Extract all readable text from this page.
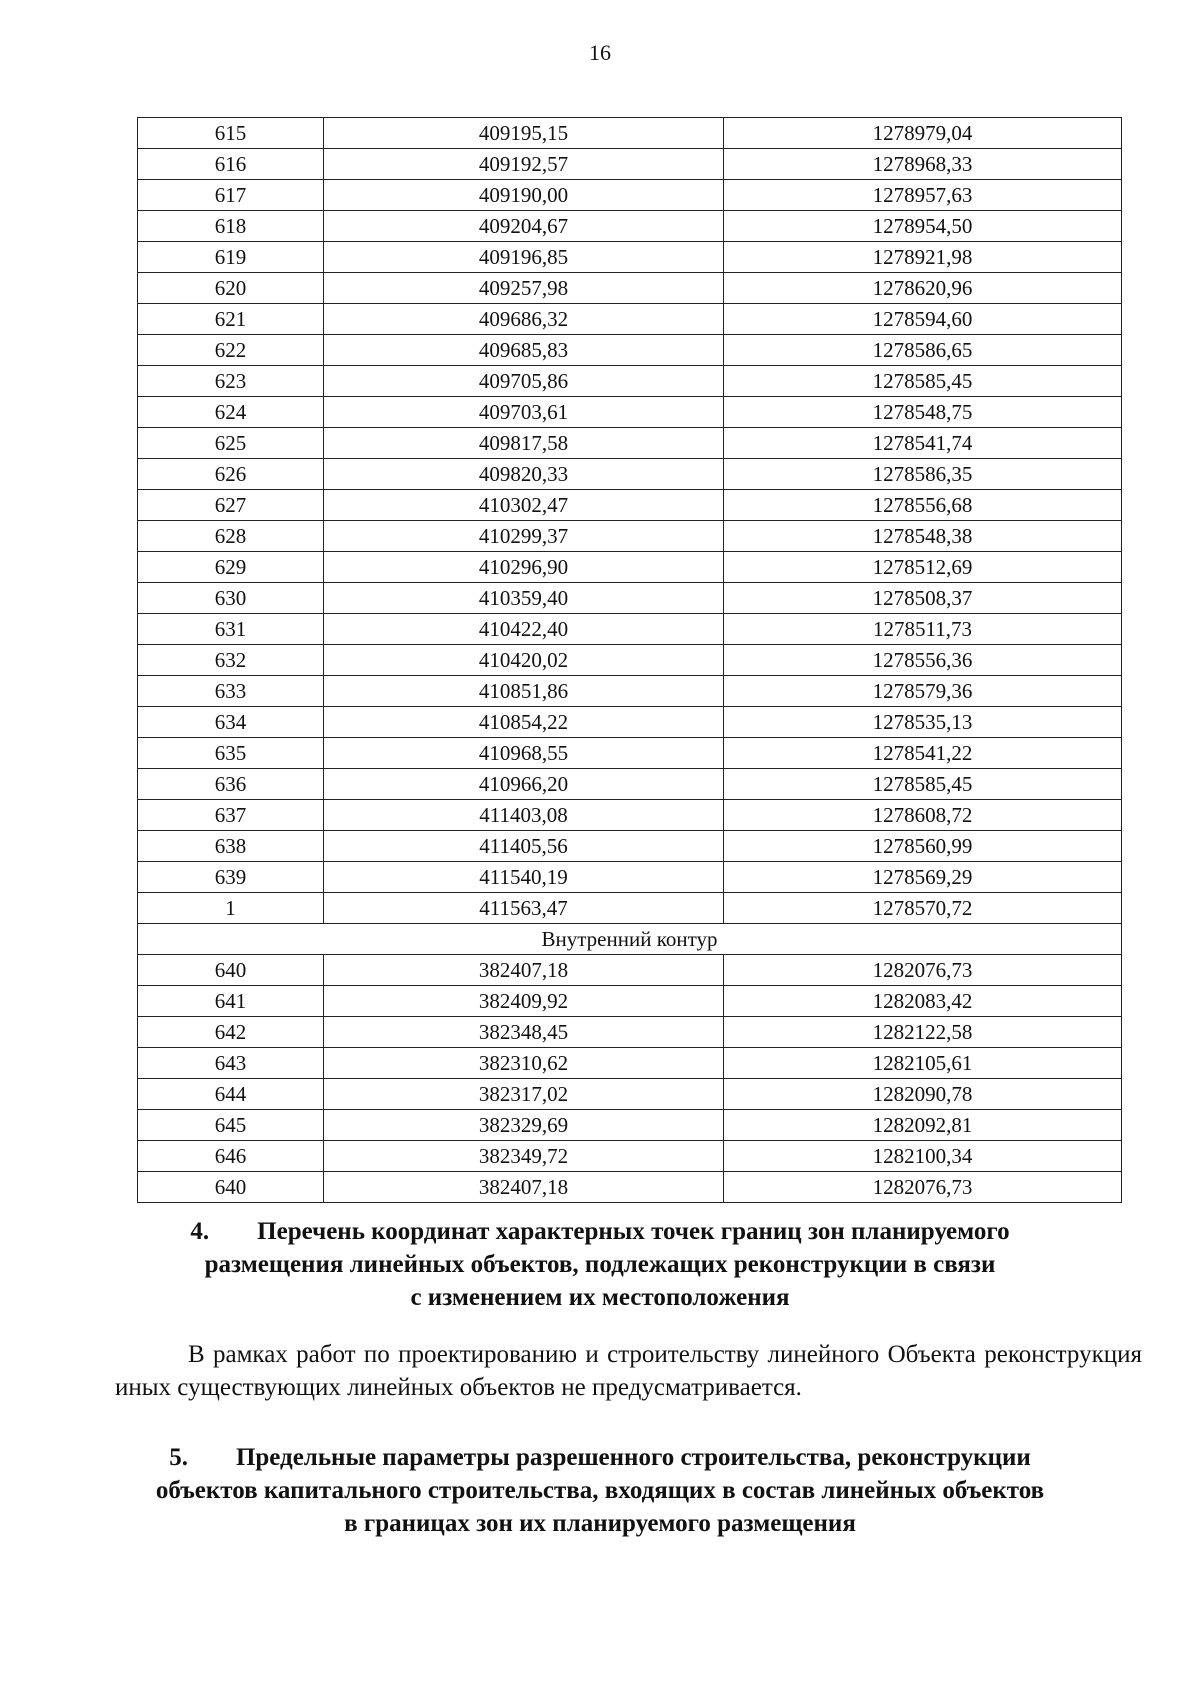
16
615	409195,15	1278979,04
616	409192,57	1278968,33
617	409190,00	1278957,63
618	409204,67	1278954,50
619	409196,85	1278921,98
620	409257,98	1278620,96
621	409686,32	1278594,60
622	409685,83	1278586,65
623	409705,86	1278585,45
624	409703,61	1278548,75
625	409817,58	1278541,74
626	409820,33	1278586,35
627	410302,47	1278556,68
628	410299,37	1278548,38
629	410296,90	1278512,69
630	410359,40	1278508,37
631	410422,40	1278511,73
632	410420,02	1278556,36
633	410851,86	1278579,36
634	410854,22	1278535,13
635	410968,55	1278541,22
636	410966,20	1278585,45
637	411403,08	1278608,72
638	411405,56	1278560,99
639	411540,19	1278569,29
1	411563,47	1278570,72
Внутренний контур		
640	382407,18	1282076,73
641	382409,92	1282083,42
642	382348,45	1282122,58
643	382310,62	1282105,61
644	382317,02	1282090,78
645	382329,69	1282092,81
646	382349,72	1282100,34
640	382407,18	1282076,73
4. Перечень координат характерных точек границ зон планируемого
размещения линейных объектов, подлежащих реконструкции в связи
с изменением их местоположения
В рамках работ по проектированию и строительству линейного Объекта реконструкция иных существующих линейных объектов не предусматривается.
5. Предельные параметры разрешенного строительства, реконструкции
объектов капитального строительства, входящих в состав линейных объектов
в границах зон их планируемого размещения
